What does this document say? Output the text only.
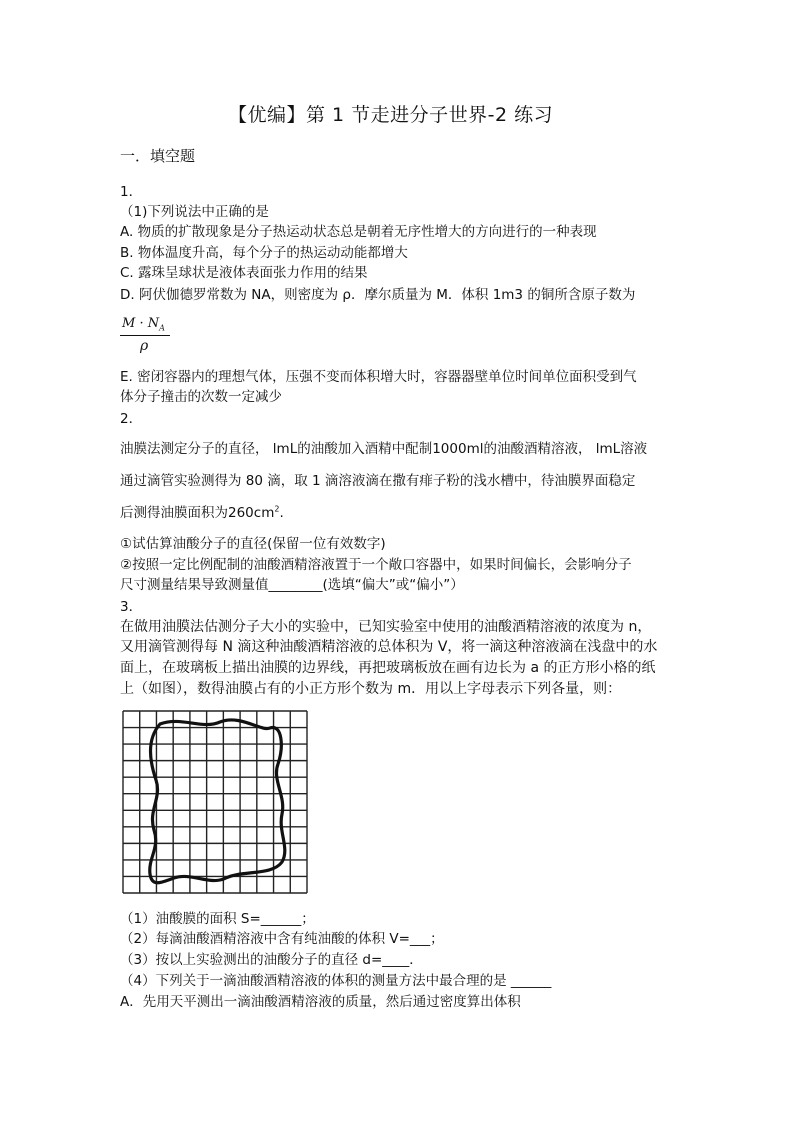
【优编】第 1 节走进分子世界-2 练习
一．填空题
1．
（1)下列说法中正确的是
A. 物质的扩散现象是分子热运动状态总是朝着无序性增大的方向进行的一种表现
B. 物体温度升高，每个分子的热运动动能都增大
C. 露珠呈球状是液体表面张力作用的结果
D. 阿伏伽德罗常数为 NA，则密度为 ρ．摩尔质量为 M．体积 1m3 的铜所含原子数为
$M \cdot N_A$
ρ
E. 密闭容器内的理想气体，压强不变而体积增大时，容器器壁单位时间单位面积受到气
体分子撞击的次数一定减少
2．
油膜法测定分子的直径， lmL的油酸加入酒精中配制1000ml的油酸酒精溶液， lmL溶液
通过滴管实验测得为 80 滴，取 1 滴溶液滴在撒有痱子粉的浅水槽中，待油膜界面稳定
后测得油膜面积为$260cm^2$.
①试估算油酸分子的直径(保留一位有效数字)
②按照一定比例配制的油酸酒精溶液置于一个敞口容器中，如果时间偏长，会影响分子
尺寸测量结果导致测量值________(选填“偏大”或“偏小”）
3．
在做用油膜法估测分子大小的实验中，已知实验室中使用的油酸酒精溶液的浓度为 n，
又用滴管测得每 N 滴这种油酸酒精溶液的总体积为 V，将一滴这种溶液滴在浅盘中的水
面上，在玻璃板上描出油膜的边界线，再把玻璃板放在画有边长为 a 的正方形小格的纸
上（如图），数得油膜占有的小正方形个数为 m．用以上字母表示下列各量，则：
（1）油酸膜的面积 S=______；
（2）每滴油酸酒精溶液中含有纯油酸的体积 V=___；
（3）按以上实验测出的油酸分子的直径 d=____．
（4）下列关于一滴油酸酒精溶液的体积的测量方法中最合理的是 ______
A．先用天平测出一滴油酸酒精溶液的质量，然后通过密度算出体积
